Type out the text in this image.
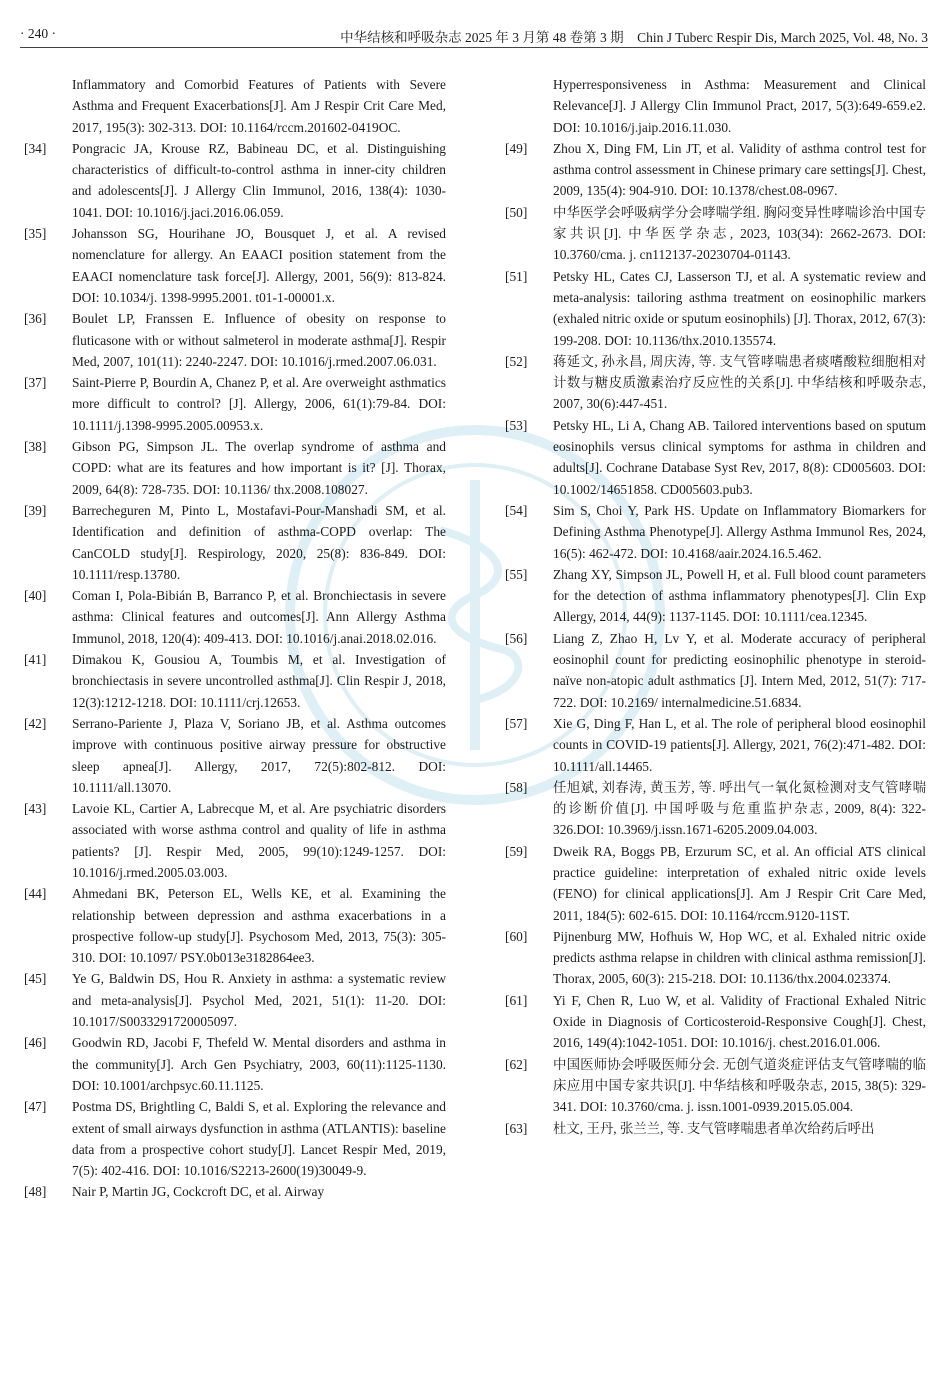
· 240 ·	中华结核和呼吸杂志 2025 年 3 月第 48 卷第 3 期　Chin J Tuberc Respir Dis, March 2025, Vol. 48, No. 3

Inflammatory and Comorbid Features of Patients with Severe Asthma and Frequent Exacerbations[J]. Am J Respir Crit Care Med, 2017, 195(3): 302-313. DOI: 10.1164/rccm.201602-0419OC.
[34] Pongracic JA, Krouse RZ, Babineau DC, et al. Distinguishing characteristics of difficult-to-control asthma in inner-city children and adolescents[J]. J Allergy Clin Immunol, 2016, 138(4): 1030-1041. DOI: 10.1016/j.jaci.2016.06.059.
[35] Johansson SG, Hourihane JO, Bousquet J, et al. A revised nomenclature for allergy. An EAACI position statement from the EAACI nomenclature task force[J]. Allergy, 2001, 56(9): 813-824. DOI: 10.1034/j. 1398-9995.2001. t01-1-00001.x.
[36] Boulet LP, Franssen E. Influence of obesity on response to fluticasone with or without salmeterol in moderate asthma[J]. Respir Med, 2007, 101(11): 2240-2247. DOI: 10.1016/j.rmed.2007.06.031.
[37] Saint-Pierre P, Bourdin A, Chanez P, et al. Are overweight asthmatics more difficult to control? [J]. Allergy, 2006, 61(1):79-84. DOI: 10.1111/j.1398-9995.2005.00953.x.
[38] Gibson PG, Simpson JL. The overlap syndrome of asthma and COPD: what are its features and how important is it? [J]. Thorax, 2009, 64(8): 728-735. DOI: 10.1136/ thx.2008.108027.
[39] Barrecheguren M, Pinto L, Mostafavi-Pour-Manshadi SM, et al. Identification and definition of asthma-COPD overlap: The CanCOLD study[J]. Respirology, 2020, 25(8): 836-849. DOI: 10.1111/resp.13780.
[40] Coman I, Pola-Bibián B, Barranco P, et al. Bronchiectasis in severe asthma: Clinical features and outcomes[J]. Ann Allergy Asthma Immunol, 2018, 120(4): 409-413. DOI: 10.1016/j.anai.2018.02.016.
[41] Dimakou K, Gousiou A, Toumbis M, et al. Investigation of bronchiectasis in severe uncontrolled asthma[J]. Clin Respir J, 2018, 12(3):1212-1218. DOI: 10.1111/crj.12653.
[42] Serrano-Pariente J, Plaza V, Soriano JB, et al. Asthma outcomes improve with continuous positive airway pressure for obstructive sleep apnea[J]. Allergy, 2017, 72(5):802-812. DOI: 10.1111/all.13070.
[43] Lavoie KL, Cartier A, Labrecque M, et al. Are psychiatric disorders associated with worse asthma control and quality of life in asthma patients? [J]. Respir Med, 2005, 99(10):1249-1257. DOI: 10.1016/j.rmed.2005.03.003.
[44] Ahmedani BK, Peterson EL, Wells KE, et al. Examining the relationship between depression and asthma exacerbations in a prospective follow-up study[J]. Psychosom Med, 2013, 75(3): 305-310. DOI: 10.1097/ PSY.0b013e3182864ee3.
[45] Ye G, Baldwin DS, Hou R. Anxiety in asthma: a systematic review and meta-analysis[J]. Psychol Med, 2021, 51(1): 11-20. DOI: 10.1017/S0033291720005097.
[46] Goodwin RD, Jacobi F, Thefeld W. Mental disorders and asthma in the community[J]. Arch Gen Psychiatry, 2003, 60(11):1125-1130. DOI: 10.1001/archpsyc.60.11.1125.
[47] Postma DS, Brightling C, Baldi S, et al. Exploring the relevance and extent of small airways dysfunction in asthma (ATLANTIS): baseline data from a prospective cohort study[J]. Lancet Respir Med, 2019, 7(5): 402-416. DOI: 10.1016/S2213-2600(19)30049-9.
[48] Nair P, Martin JG, Cockcroft DC, et al. Airway
Hyperresponsiveness in Asthma: Measurement and Clinical Relevance[J]. J Allergy Clin Immunol Pract, 2017, 5(3):649-659.e2. DOI: 10.1016/j.jaip.2016.11.030.
[49] Zhou X, Ding FM, Lin JT, et al. Validity of asthma control test for asthma control assessment in Chinese primary care settings[J]. Chest, 2009, 135(4): 904-910. DOI: 10.1378/chest.08-0967.
[50] 中华医学会呼吸病学分会哮喘学组. 胸闷变异性哮喘诊治中国专家共识[J]. 中华医学杂志, 2023, 103(34): 2662-2673. DOI: 10.3760/cma. j. cn112137-20230704-01143.
[51] Petsky HL, Cates CJ, Lasserson TJ, et al. A systematic review and meta-analysis: tailoring asthma treatment on eosinophilic markers (exhaled nitric oxide or sputum eosinophils) [J]. Thorax, 2012, 67(3): 199-208. DOI: 10.1136/thx.2010.135574.
[52] 蒋延文, 孙永昌, 周庆涛, 等. 支气管哮喘患者痰嗜酸粒细胞相对计数与糖皮质激素治疗反应性的关系[J]. 中华结核和呼吸杂志, 2007, 30(6):447-451.
[53] Petsky HL, Li A, Chang AB. Tailored interventions based on sputum eosinophils versus clinical symptoms for asthma in children and adults[J]. Cochrane Database Syst Rev, 2017, 8(8): CD005603. DOI: 10.1002/14651858. CD005603.pub3.
[54] Sim S, Choi Y, Park HS. Update on Inflammatory Biomarkers for Defining Asthma Phenotype[J]. Allergy Asthma Immunol Res, 2024, 16(5): 462-472. DOI: 10.4168/aair.2024.16.5.462.
[55] Zhang XY, Simpson JL, Powell H, et al. Full blood count parameters for the detection of asthma inflammatory phenotypes[J]. Clin Exp Allergy, 2014, 44(9): 1137-1145. DOI: 10.1111/cea.12345.
[56] Liang Z, Zhao H, Lv Y, et al. Moderate accuracy of peripheral eosinophil count for predicting eosinophilic phenotype in steroid-naïve non-atopic adult asthmatics [J]. Intern Med, 2012, 51(7): 717-722. DOI: 10.2169/ internalmedicine.51.6834.
[57] Xie G, Ding F, Han L, et al. The role of peripheral blood eosinophil counts in COVID-19 patients[J]. Allergy, 2021, 76(2):471-482. DOI: 10.1111/all.14465.
[58] 任旭斌, 刘春涛, 黄玉芳, 等. 呼出气一氧化氮检测对支气管哮喘的诊断价值[J]. 中国呼吸与危重监护杂志, 2009, 8(4): 322-326.DOI: 10.3969/j.issn.1671-6205.2009.04.003.
[59] Dweik RA, Boggs PB, Erzurum SC, et al. An official ATS clinical practice guideline: interpretation of exhaled nitric oxide levels (FENO) for clinical applications[J]. Am J Respir Crit Care Med, 2011, 184(5): 602-615. DOI: 10.1164/rccm.9120-11ST.
[60] Pijnenburg MW, Hofhuis W, Hop WC, et al. Exhaled nitric oxide predicts asthma relapse in children with clinical asthma remission[J]. Thorax, 2005, 60(3): 215-218. DOI: 10.1136/thx.2004.023374.
[61] Yi F, Chen R, Luo W, et al. Validity of Fractional Exhaled Nitric Oxide in Diagnosis of Corticosteroid-Responsive Cough[J]. Chest, 2016, 149(4):1042-1051. DOI: 10.1016/j. chest.2016.01.006.
[62] 中国医师协会呼吸医师分会. 无创气道炎症评估支气管哮喘的临床应用中国专家共识[J]. 中华结核和呼吸杂志, 2015, 38(5): 329-341. DOI: 10.3760/cma. j. issn.1001-0939.2015.05.004.
[63] 杜文, 王丹, 张兰兰, 等. 支气管哮喘患者单次给药后呼出
